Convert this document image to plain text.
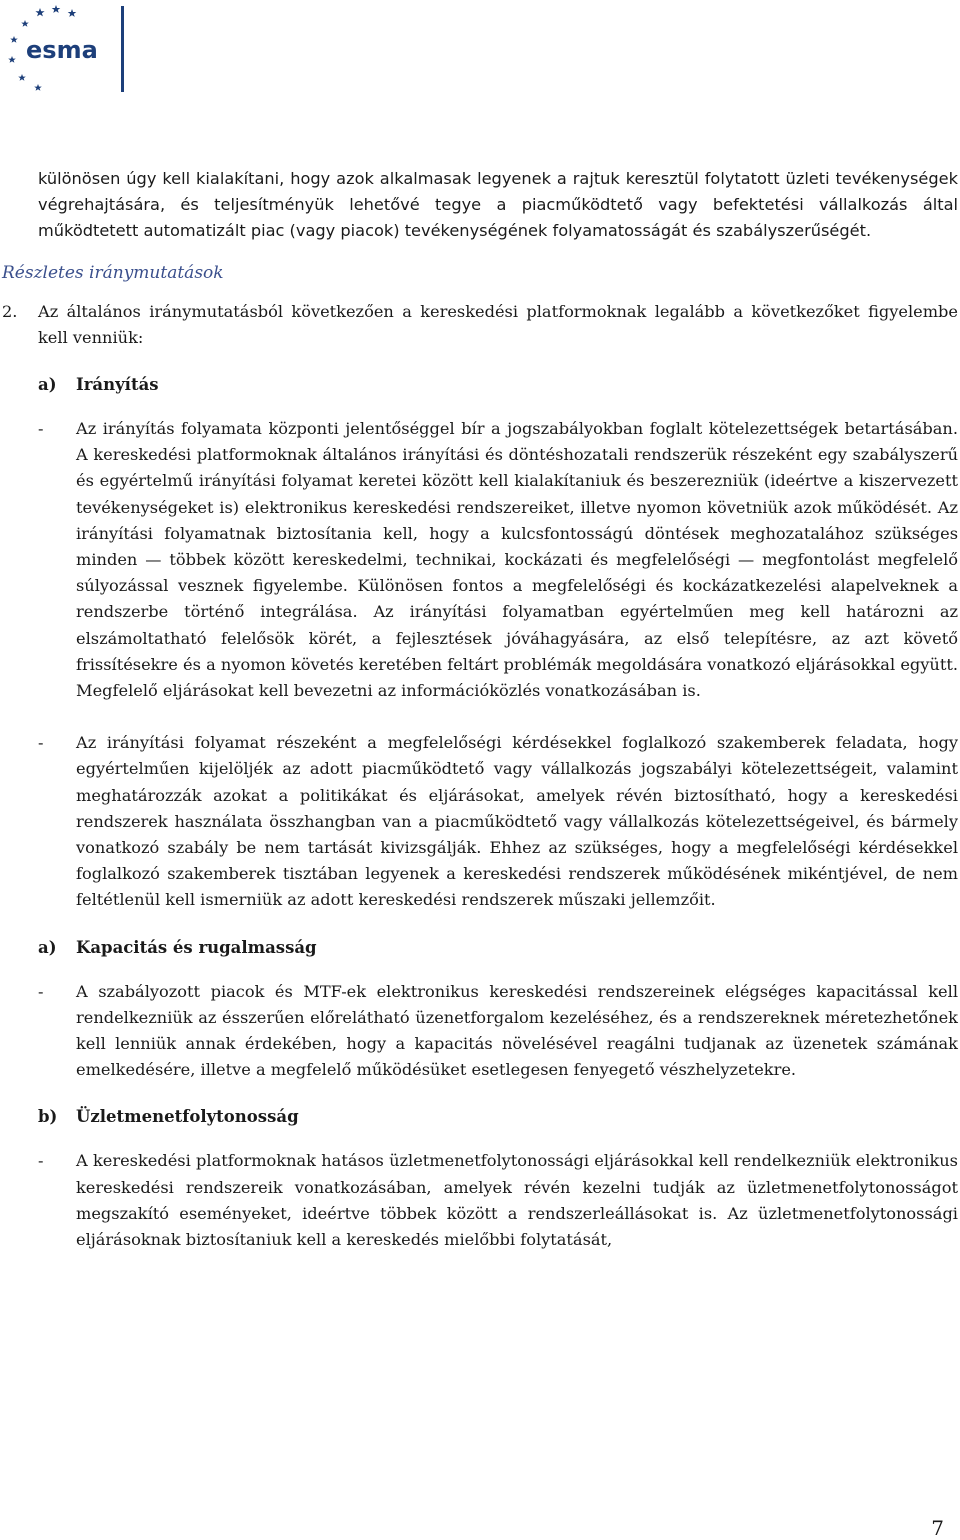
esma

különösen úgy kell kialakítani, hogy azok alkalmasak legyenek a rajtuk keresztül folytatott üzleti tevékenységek végrehajtására, és teljesítményük lehetővé tegye a piacműködtető vagy befektetési vállalkozás által működtetett automatizált piac (vagy piacok) tevékenységének folyamatosságát és szabályszerűségét.

Részletes iránymutatások

2.	Az általános iránymutatásból következően a kereskedési platformoknak legalább a következőket figyelembe kell venniük:

a)	Irányítás
-	Az irányítás folyamata központi jelentőséggel bír a jogszabályokban foglalt kötelezettségek betartásában. A kereskedési platformoknak általános irányítási és döntéshozatali rendszerük részeként egy szabályszerű és egyértelmű irányítási folyamat keretei között kell kialakítaniuk és beszerezniük (ideértve a kiszervezett tevékenységeket is) elektronikus kereskedési rendszereiket, illetve nyomon követniük azok működését. Az irányítási folyamatnak biztosítania kell, hogy a kulcsfontosságú döntések meghozatalához szükséges minden — többek között kereskedelmi, technikai, kockázati és megfelelőségi — megfontolást megfelelő súlyozással vesznek figyelembe. Különösen fontos a megfelelőségi és kockázatkezelési alapelveknek a rendszerbe történő integrálása. Az irányítási folyamatban egyértelműen meg kell határozni az elszámoltatható felelősök körét, a fejlesztések jóváhagyására, az első telepítésre, az azt követő frissítésekre és a nyomon követés keretében feltárt problémák megoldására vonatkozó eljárásokkal együtt. Megfelelő eljárásokat kell bevezetni az információközlés vonatkozásában is.

-	Az irányítási folyamat részeként a megfelelőségi kérdésekkel foglalkozó szakemberek feladata, hogy egyértelműen kijelöljék az adott piacműködtető vagy vállalkozás jogszabályi kötelezettségeit, valamint meghatározzák azokat a politikákat és eljárásokat, amelyek révén biztosítható, hogy a kereskedési rendszerek használata összhangban van a piacműködtető vagy vállalkozás kötelezettségeivel, és bármely vonatkozó szabály be nem tartását kivizsgálják. Ehhez az szükséges, hogy a megfelelőségi kérdésekkel foglalkozó szakemberek tisztában legyenek a kereskedési rendszerek működésének mikéntjével, de nem feltétlenül kell ismerniük az adott kereskedési rendszerek műszaki jellemzőit.

a)	Kapacitás és rugalmasság
-	A szabályozott piacok és MTF-ek elektronikus kereskedési rendszereinek elégséges kapacitással kell rendelkezniük az ésszerűen előrelátható üzenetforgalom kezeléséhez, és a rendszereknek méretezhetőnek kell lenniük annak érdekében, hogy a kapacitás növelésével reagálni tudjanak az üzenetek számának emelkedésére, illetve a megfelelő működésüket esetlegesen fenyegető vészhelyzetekre.

b)	Üzletmenetfolytonosság
-	A kereskedési platformoknak hatásos üzletmenetfolytonossági eljárásokkal kell rendelkezniük elektronikus kereskedési rendszereik vonatkozásában, amelyek révén kezelni tudják az üzletmenetfolytonosságot megszakító eseményeket, ideértve többek között a rendszerleállásokat is. Az üzletmenetfolytonossági eljárásoknak biztosítaniuk kell a kereskedés mielőbbi folytatását,

7
